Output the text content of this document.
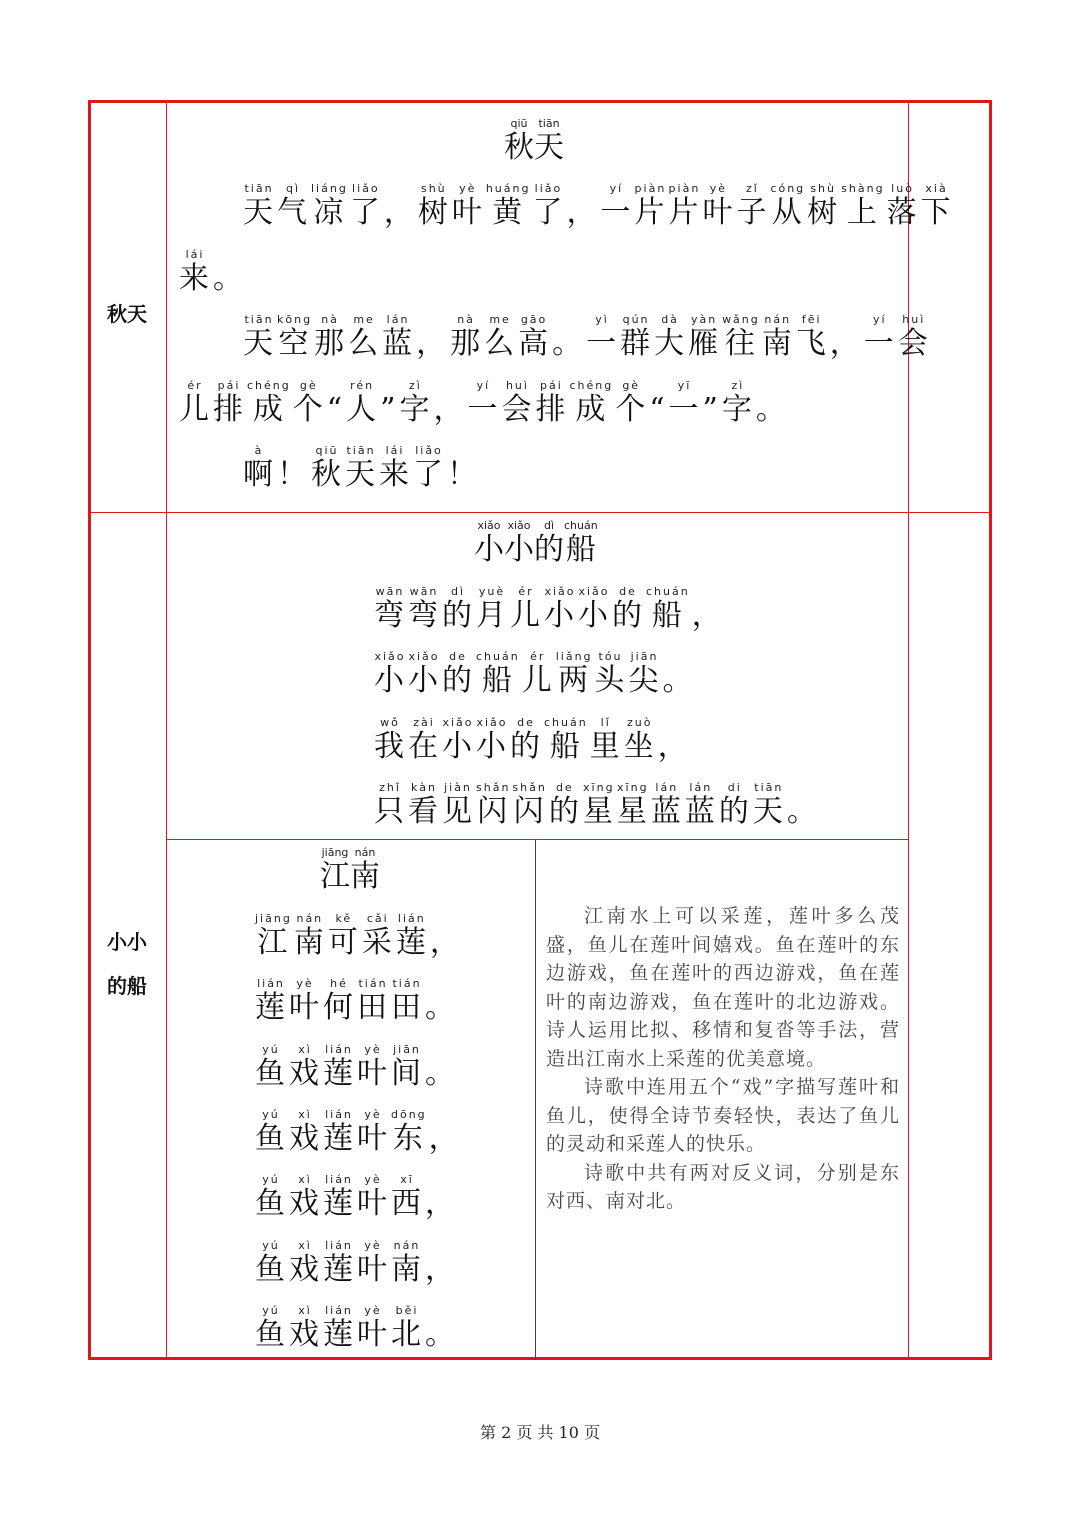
秋天
小小
的船
秋qiū天tiān
天tiān气qì凉liáng了liǎo， 树shù叶yè黄huáng了liǎo， 一yí片piàn片piàn叶yè子zǐ从cóng树shù上shàng落luò下xià
来lái。
天tiān空kōng那nà么me蓝lán， 那nà么me高gāo。 一yì群qún大dà雁yàn往wǎng南nán飞fēi， 一yí会huì
儿ér排pái成chéng个gè“ 人rén” 字zì， 一yí会huì排pái成chéng个gè“ 一yī” 字zì。
啊à！ 秋qiū天tiān来lái了liǎo！
小xiǎo小xiǎo的dì船chuán
弯wān弯wān的dì月yuè儿ér小xiǎo小xiǎo的de船chuán，
小xiǎo小xiǎo的de船chuán儿ér两liǎng头tóu尖jiān。
我wǒ在zài小xiǎo小xiǎo的de船chuán里lǐ坐zuò，
只zhǐ看kàn见jiàn闪shǎn闪shǎn的de星xīng星xīng蓝lán蓝lán的di天tiān。
江jiāng南nán
江jiāng南nán可kě采cǎi莲lián，
莲lián叶yè何hé田tián田tián。
鱼yú戏xì莲lián叶yè间jiān。
鱼yú戏xì莲lián叶yè东dōng，
鱼yú戏xì莲lián叶yè西xī，
鱼yú戏xì莲lián叶yè南nán，
鱼yú戏xì莲lián叶yè北běi。

江南水上可以采莲，莲叶多么茂盛，鱼儿在莲叶间嬉戏。鱼在莲叶的东边游戏，鱼在莲叶的西边游戏，鱼在莲叶的南边游戏，鱼在莲叶的北边游戏。诗人运用比拟、移情和复沓等手法，营造出江南水上采莲的优美意境。

诗歌中连用五个“戏”字描写莲叶和鱼儿，使得全诗节奏轻快，表达了鱼儿的灵动和采莲人的快乐。

诗歌中共有两对反义词，分别是东对西、南对北。

第 2 页 共 10 页
